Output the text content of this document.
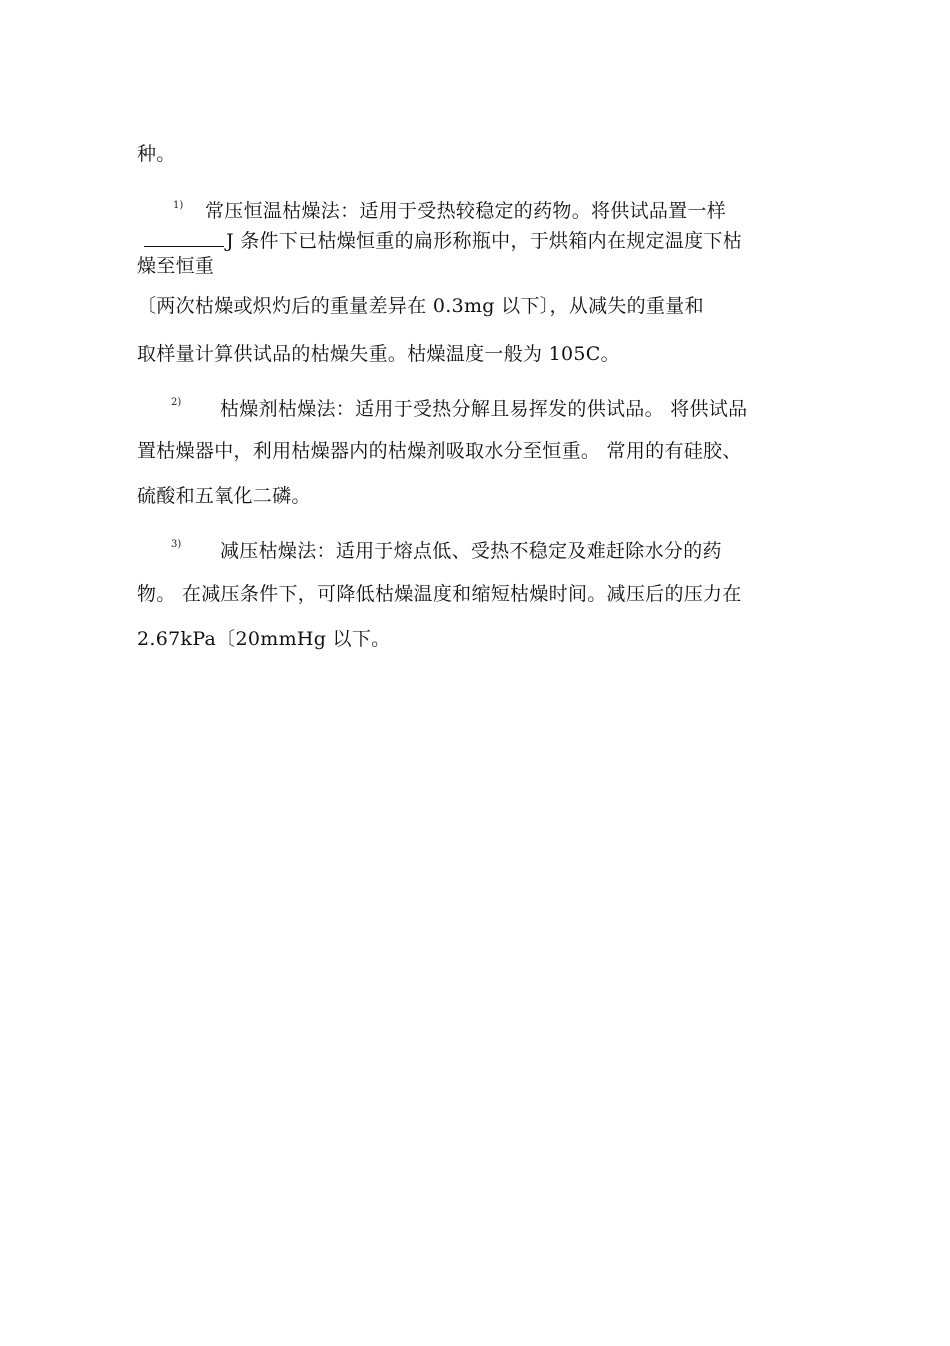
种。
1) 常压恒温枯燥法：适用于受热较稳定的药物。将供试品置一样
J 条件下已枯燥恒重的扁形称瓶中，于烘箱内在规定温度下枯
燥至恒重
〔两次枯燥或炽灼后的重量差异在 0.3mg 以下〕，从减失的重量和
取样量计算供试品的枯燥失重。枯燥温度一般为 105C。
2) 枯燥剂枯燥法：适用于受热分解且易挥发的供试品。 将供试品
置枯燥器中，利用枯燥器内的枯燥剂吸取水分至恒重。 常用的有硅胶、
硫酸和五氧化二磷。
3) 减压枯燥法：适用于熔点低、受热不稳定及难赶除水分的药
物。 在减压条件下，可降低枯燥温度和缩短枯燥时间。减压后的压力在
2.67kPa〔20mmHg 以下。
